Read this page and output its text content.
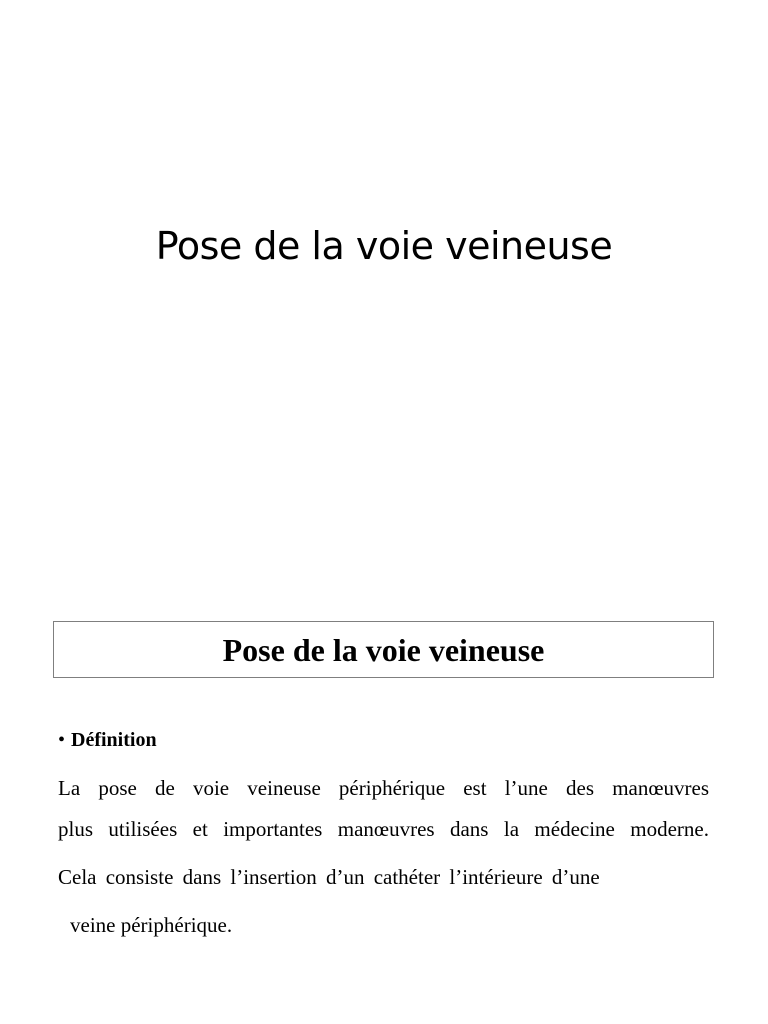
Pose de la voie veineuse
Pose de la voie veineuse
• Définition

La pose de voie veineuse périphérique est l’une des manœuvres

plus utilisées et importantes manœuvres dans la médecine moderne.

Cela consiste dans l’insertion d’un cathéter l’intérieure d’une

veine périphérique.
